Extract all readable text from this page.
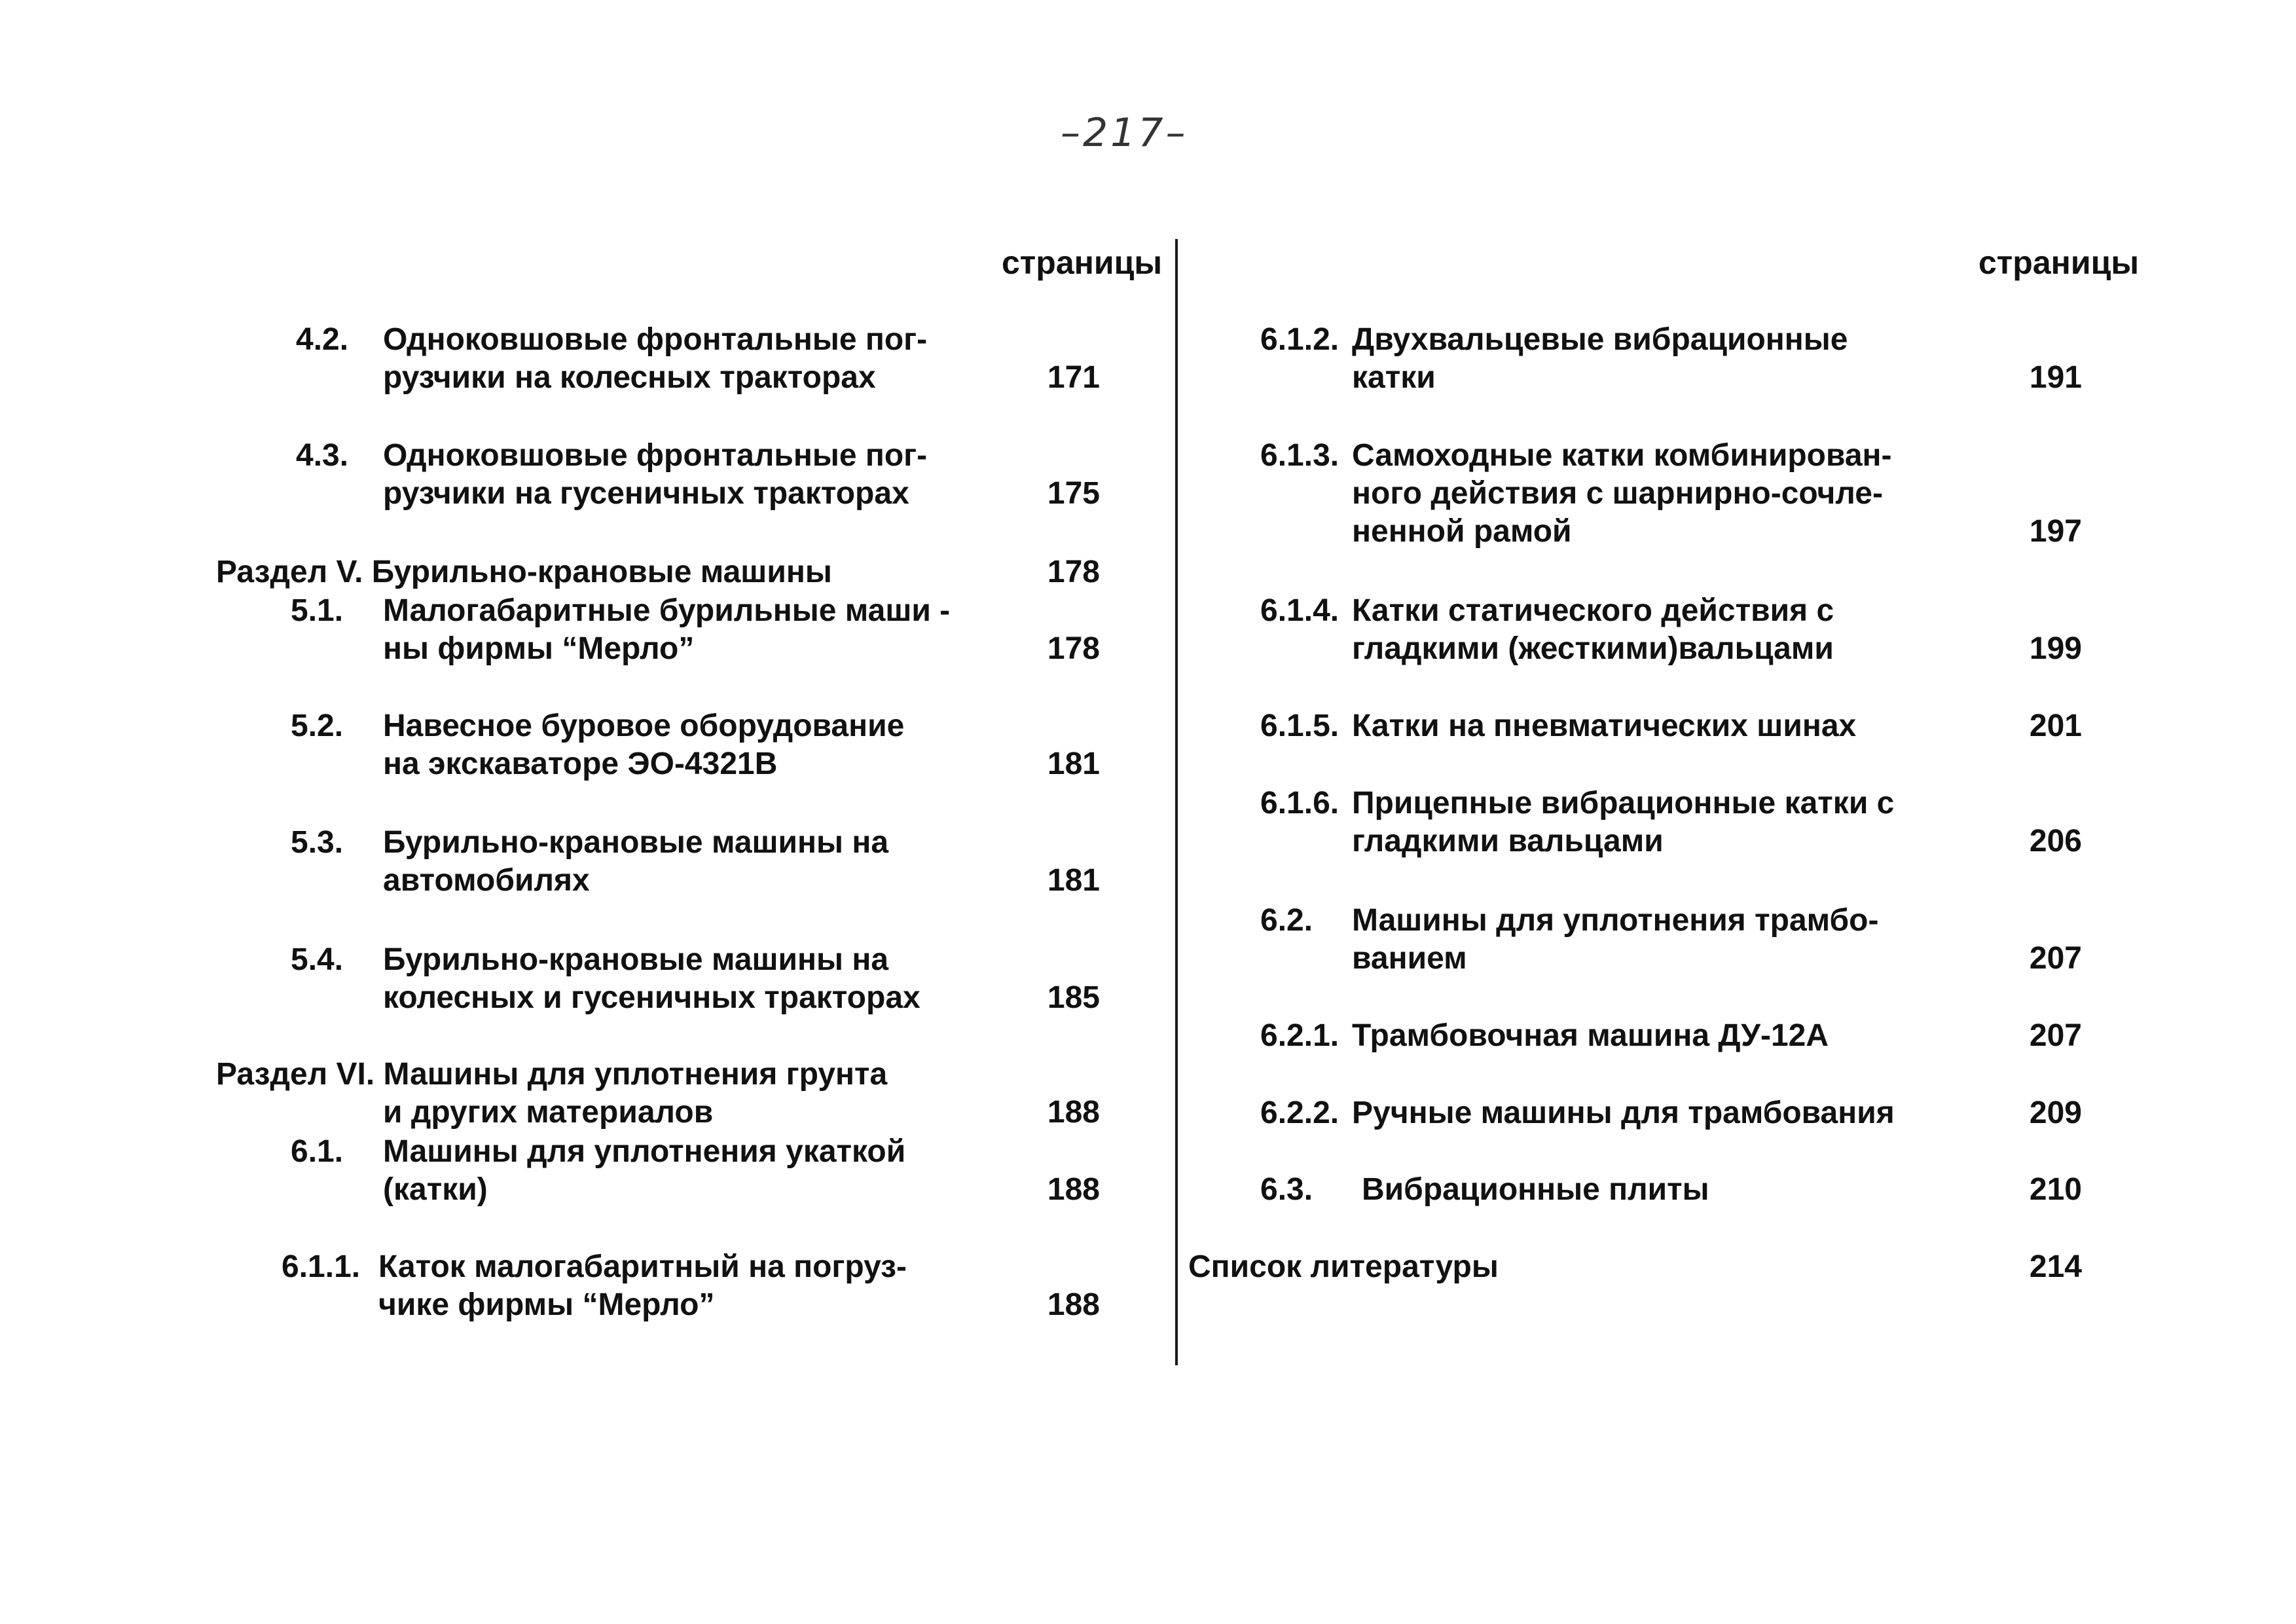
–217–
страницы
4.2. Одноковшовые фронтальные пог-
рузчики на колесных тракторах	171
4.3. Одноковшовые фронтальные пог-
рузчики на гусеничных тракторах	175
Раздел V. Бурильно-крановые машины	178
5.1. Малогабаритные бурильные маши -
ны фирмы “Мерло”	178
5.2. Навесное буровое оборудование
на экскаваторе ЭО-4321В	181
5.3. Бурильно-крановые машины на
автомобилях	181
5.4. Бурильно-крановые машины на
колесных и гусеничных тракторах	185
Раздел VI. Машины для уплотнения грунта
и других материалов	188
6.1. Машины для уплотнения укаткой
(катки)	188
6.1.1. Каток малогабаритный на погруз-
чике фирмы “Мерло”	188
страницы
6.1.2. Двухвальцевые вибрационные
катки	191
6.1.3. Самоходные катки комбинирован-
ного действия с шарнирно-сочле-
ненной рамой	197
6.1.4. Катки статического действия с
гладкими (жесткими)вальцами	199
6.1.5. Катки на пневматических шинах	201
6.1.6. Прицепные вибрационные катки с
гладкими вальцами	206
6.2. Машины для уплотнения трамбо-
ванием	207
6.2.1. Трамбовочная машина ДУ-12А	207
6.2.2. Ручные машины для трамбования	209
6.3. Вибрационные плиты	210
Список литературы	214
